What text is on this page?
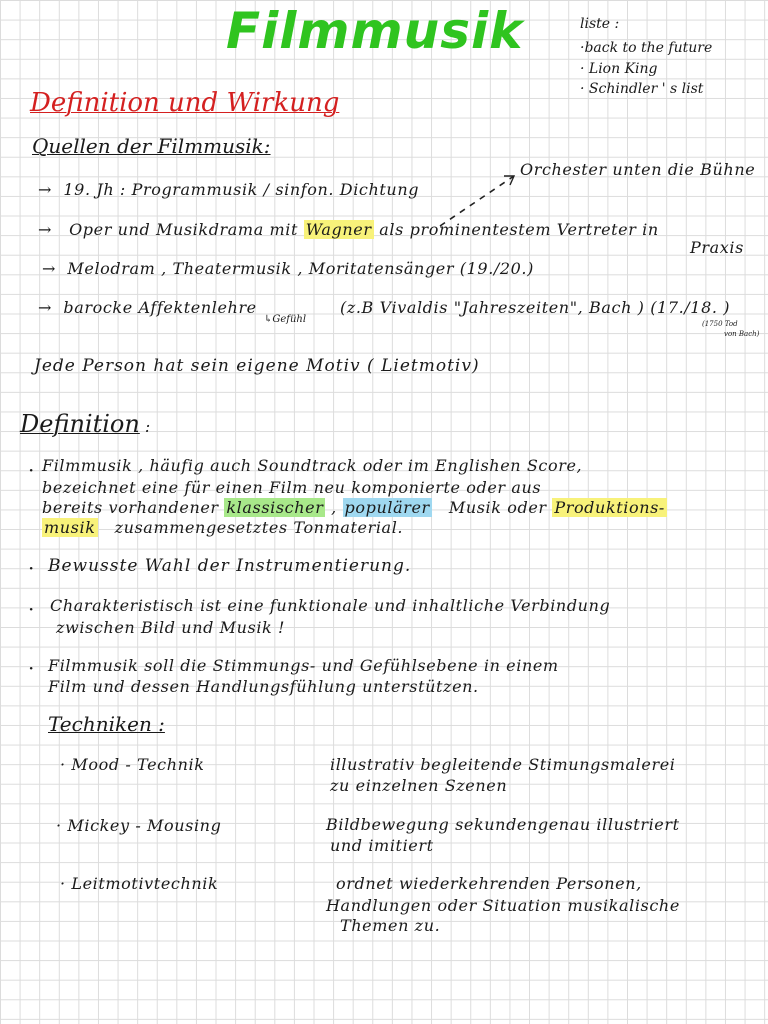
Filmmusik	liste :
·back to the future
· Lion King
· Schindler ' s list
Definition und Wirkung
Quellen der Filmmusik:
Orchester unten die Bühne
→ 19. Jh : Programmusik / sinfon. Dichtung
→ Oper und Musikdrama mit Wagner als prominentestem Vertreter in
Praxis
→ Melodram , Theatermusik , Moritatensänger (19./20.)
→ barocke Affektenlehre
↳Gefühl
(z.B Vivaldis "Jahreszeiten", Bach ) (17./18. )
(1750 Tod
von Bach)
Jede Person hat sein eigene Motiv ( Lietmotiv)
Definition :
· Filmmusik , häufig auch Soundtrack oder im Englishen Score,
bezeichnet eine für einen Film neu komponierte oder aus
bereits vorhandener klassischer , populärer Musik oder Produktions-
musik zusammengesetztes Tonmaterial.
· Bewusste Wahl der Instrumentierung.
· Charakteristisch ist eine funktionale und inhaltliche Verbindung
zwischen Bild und Musik !
· Filmmusik soll die Stimmungs- und Gefühlsebene in einem
Film und dessen Handlungsfühlung unterstützen.
Techniken :
· Mood - Technik	illustrativ begleitende Stimungsmalerei
zu einzelnen Szenen
· Mickey - Mousing	Bildbewegung sekundengenau illustriert
und imitiert
· Leitmotivtechnik	ordnet wiederkehrenden Personen,
Handlungen oder Situation musikalische
Themen zu.
